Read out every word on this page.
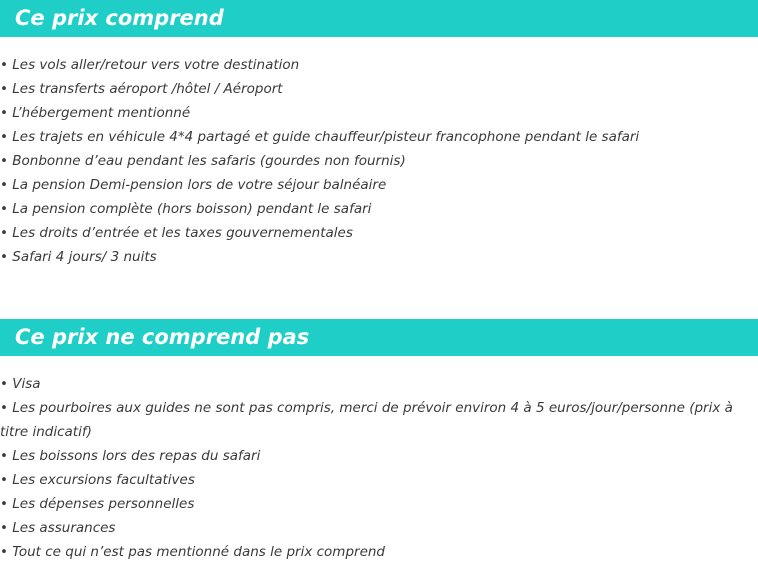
Ce prix comprend
• Les vols aller/retour vers votre destination
• Les transferts aéroport /hôtel / Aéroport
• L’hébergement mentionné
• Les trajets en véhicule 4*4 partagé et guide chauffeur/pisteur francophone pendant le safari
• Bonbonne d’eau pendant les safaris (gourdes non fournis)
• La pension Demi-pension lors de votre séjour balnéaire
• La pension complète (hors boisson) pendant le safari
• Les droits d’entrée et les taxes gouvernementales
• Safari 4 jours/ 3 nuits
Ce prix ne comprend pas
• Visa
• Les pourboires aux guides ne sont pas compris, merci de prévoir environ 4 à 5 euros/jour/personne (prix à titre indicatif)
• Les boissons lors des repas du safari
• Les excursions facultatives
• Les dépenses personnelles
• Les assurances
• Tout ce qui n’est pas mentionné dans le prix comprend
